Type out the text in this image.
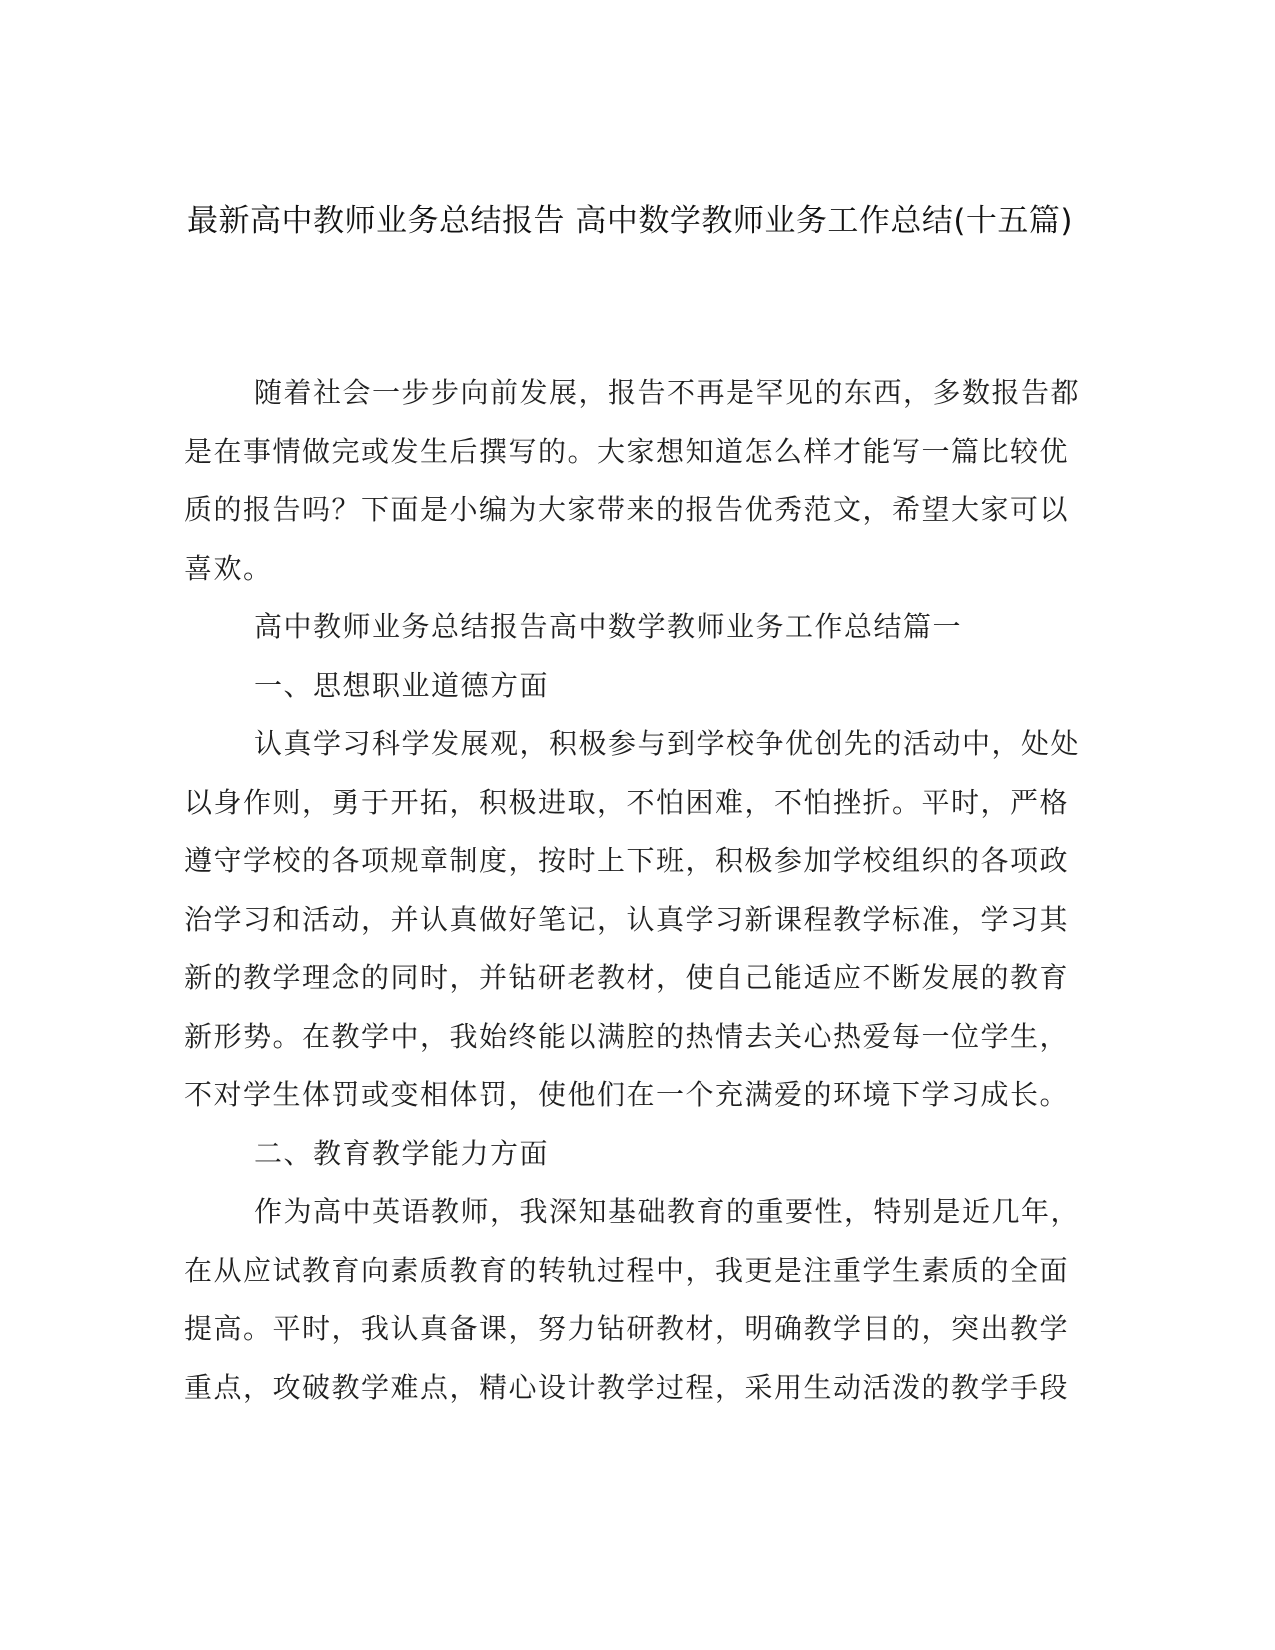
最新高中教师业务总结报告 高中数学教师业务工作总结(十五篇)

随着社会一步步向前发展，报告不再是罕见的东西，多数报告都是在事情做完或发生后撰写的。大家想知道怎么样才能写一篇比较优质的报告吗？下面是小编为大家带来的报告优秀范文，希望大家可以喜欢。

高中教师业务总结报告高中数学教师业务工作总结篇一

一、思想职业道德方面

认真学习科学发展观，积极参与到学校争优创先的活动中，处处以身作则，勇于开拓，积极进取，不怕困难，不怕挫折。平时，严格遵守学校的各项规章制度，按时上下班，积极参加学校组织的各项政治学习和活动，并认真做好笔记，认真学习新课程教学标准，学习其新的教学理念的同时，并钻研老教材，使自己能适应不断发展的教育新形势。在教学中，我始终能以满腔的热情去关心热爱每一位学生，不对学生体罚或变相体罚，使他们在一个充满爱的环境下学习成长。

二、教育教学能力方面

作为高中英语教师，我深知基础教育的重要性，特别是近几年，在从应试教育向素质教育的转轨过程中，我更是注重学生素质的全面提高。平时，我认真备课，努力钻研教材，明确教学目的，突出教学重点，攻破教学难点，精心设计教学过程，采用生动活泼的教学手段
